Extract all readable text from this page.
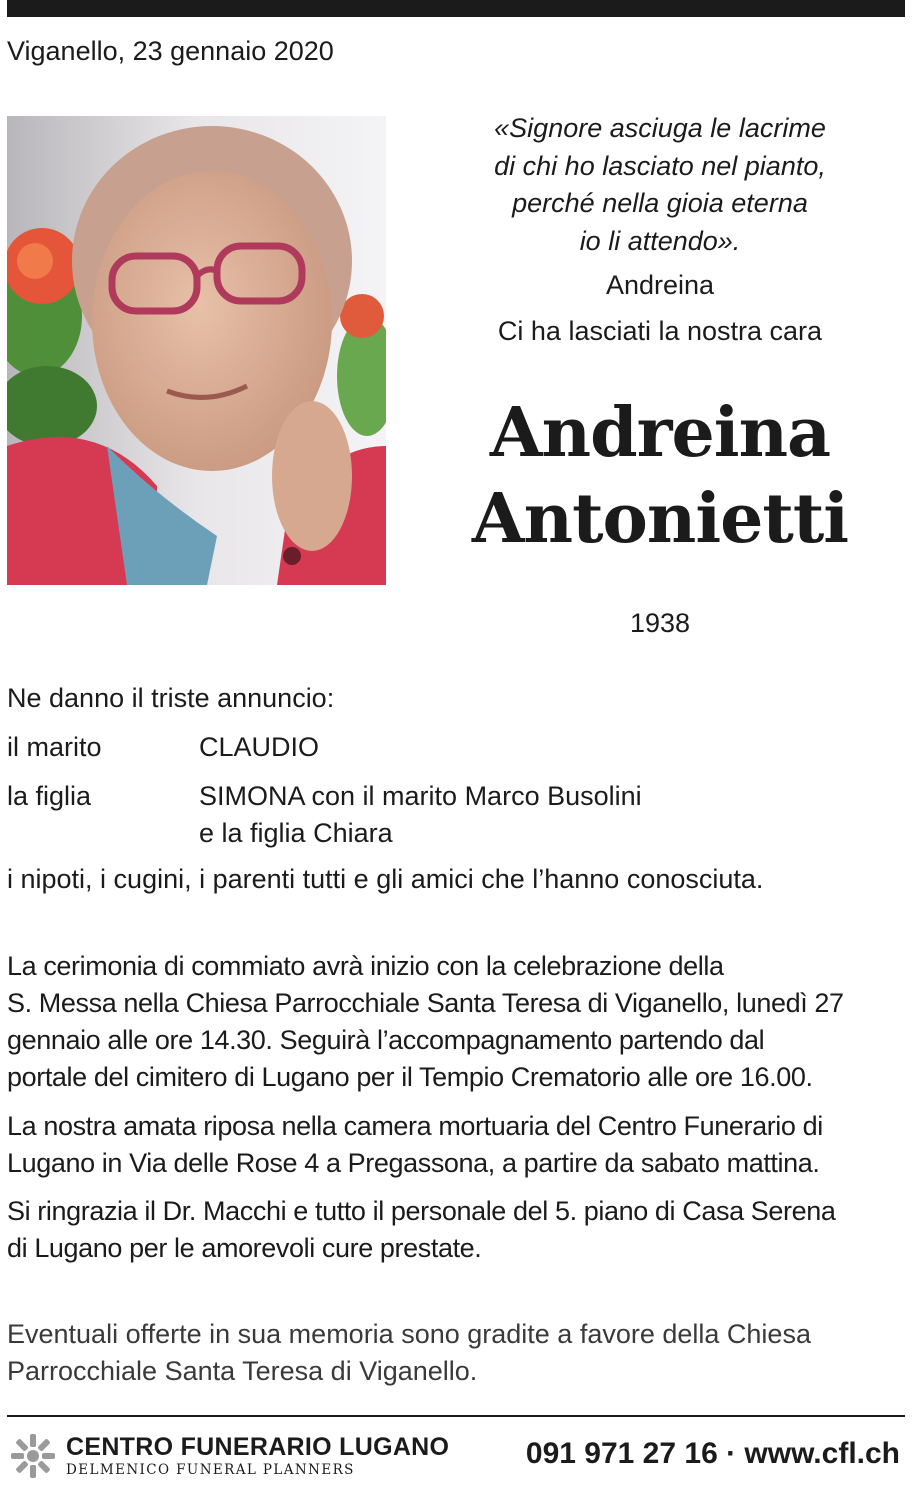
Viganello, 23 gennaio 2020
«Signore asciuga le lacrime
di chi ho lasciato nel pianto,
perché nella gioia eterna
io li attendo».
Andreina
Ci ha lasciati la nostra cara
Andreina
Antonietti
1938
Ne danno il triste annuncio:
il marito	CLAUDIO
la figlia	SIMONA con il marito Marco Busolini
e la figlia Chiara
i nipoti, i cugini, i parenti tutti e gli amici che l’hanno conosciuta.
La cerimonia di commiato avrà inizio con la celebrazione della
S. Messa nella Chiesa Parrocchiale Santa Teresa di Viganello, lunedì 27
gennaio alle ore 14.30. Seguirà l’accompagnamento partendo dal
portale del cimitero di Lugano per il Tempio Crematorio alle ore 16.00.
La nostra amata riposa nella camera mortuaria del Centro Funerario di
Lugano in Via delle Rose 4 a Pregassona, a partire da sabato mattina.
Si ringrazia il Dr. Macchi e tutto il personale del 5. piano di Casa Serena
di Lugano per le amorevoli cure prestate.
Eventuali offerte in sua memoria sono gradite a favore della Chiesa
Parrocchiale Santa Teresa di Viganello.
CENTRO FUNERARIO LUGANO
DELMENICO FUNERAL PLANNERS	091 971 27 16 · www.cfl.ch
